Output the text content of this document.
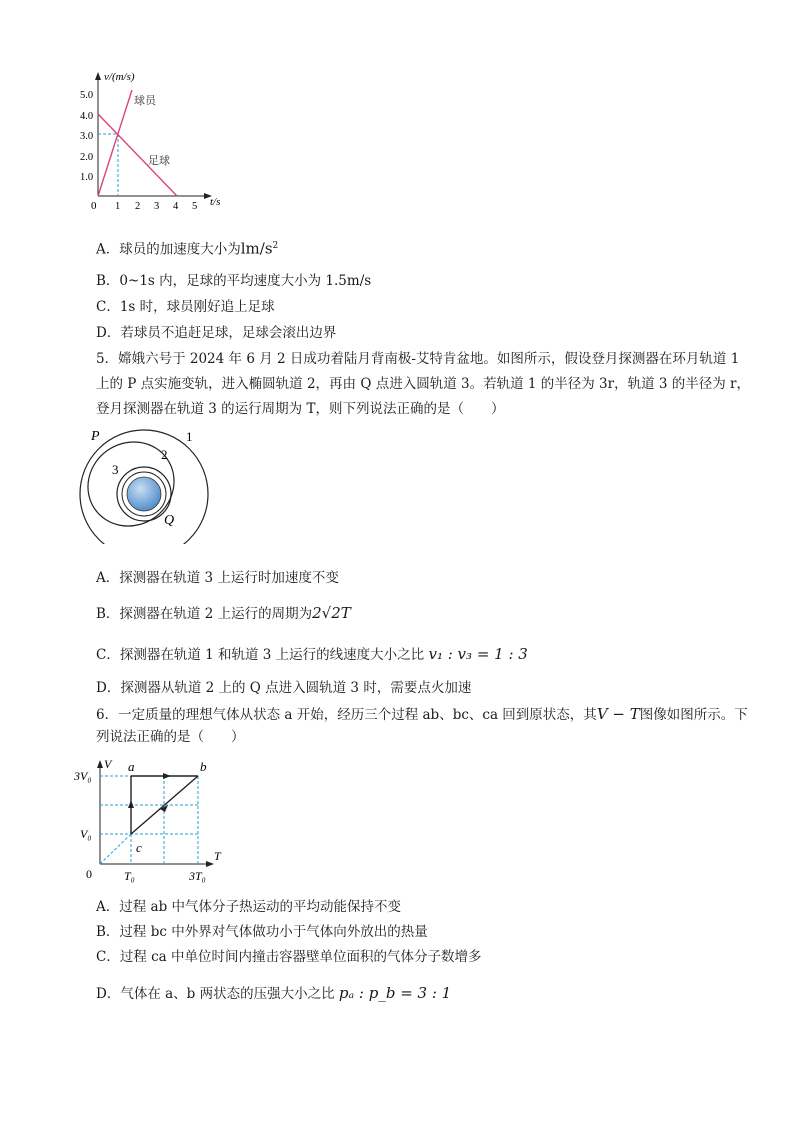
v/(m/s)
t/s
0
5.0
4.0
3.0
2.0
1.0
1 2 3 4 5
球员
足球
A．球员的加速度大小为$lm/s^2$
B．0~1s 内，足球的平均速度大小为 1.5m/s
C．1s 时，球员刚好追上足球
D．若球员不追赶足球，足球会滚出边界
5．嫦娥六号于 2024 年 6 月 2 日成功着陆月背南极-艾特肯盆地。如图所示，假设登月探测器在环月轨道 1
上的 P 点实施变轨，进入椭圆轨道 2，再由 Q 点进入圆轨道 3。若轨道 1 的半径为 3r，轨道 3 的半径为 r，
登月探测器在轨道 3 的运行周期为 T，则下列说法正确的是（　　）
P
Q
1
2
3
A．探测器在轨道 3 上运行时加速度不变
B．探测器在轨道 2 上运行的周期为2√2T
C．探测器在轨道 1 和轨道 3 上运行的线速度大小之比 v₁ : v₃ = 1 : 3
D．探测器从轨道 2 上的 Q 点进入圆轨道 3 时，需要点火加速
6．一定质量的理想气体从状态 a 开始，经历三个过程 ab、bc、ca 回到原状态，其V − T图像如图所示。下
列说法正确的是（　　）
V
T
0
3V₀
V₀
T₀	3T₀
a	b
c
A．过程 ab 中气体分子热运动的平均动能保持不变
B．过程 bc 中外界对气体做功小于气体向外放出的热量
C．过程 ca 中单位时间内撞击容器壁单位面积的气体分子数增多
D．气体在 a、b 两状态的压强大小之比 pₐ : p_b = 3 : 1
